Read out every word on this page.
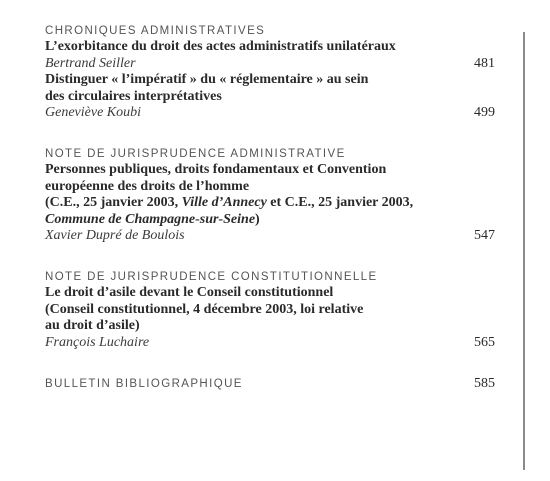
CHRONIQUES ADMINISTRATIVES
L’exorbitance du droit des actes administratifs unilatéraux
Bertrand Seiller	481
Distinguer « l’impératif » du « réglementaire » au sein
des circulaires interprétatives
Geneviève Koubi	499
NOTE DE JURISPRUDENCE ADMINISTRATIVE
Personnes publiques, droits fondamentaux et Convention
européenne des droits de l’homme
(C.E., 25 janvier 2003, Ville d’Annecy et C.E., 25 janvier 2003,
Commune de Champagne-sur-Seine)
Xavier Dupré de Boulois	547
NOTE DE JURISPRUDENCE CONSTITUTIONNELLE
Le droit d’asile devant le Conseil constitutionnel
(Conseil constitutionnel, 4 décembre 2003, loi relative
au droit d’asile)
François Luchaire	565
BULLETIN BIBLIOGRAPHIQUE	585
